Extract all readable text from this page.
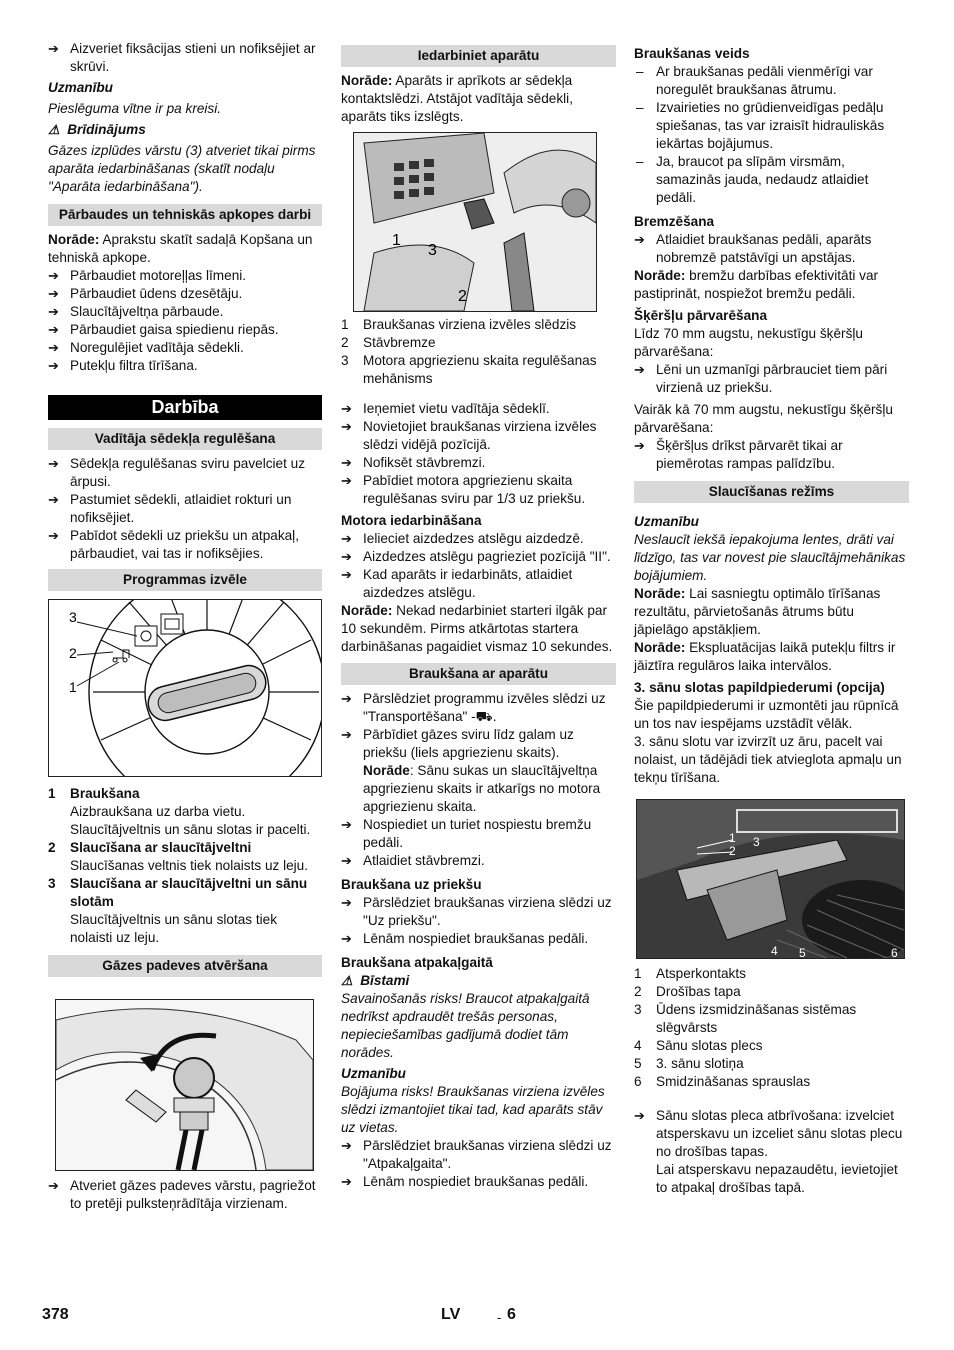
➔ Aizveriet fiksācijas stieni un nofiksējiet ar skrūvi.

Uzmanību

Pieslēguma vītne ir pa kreisi.

⚠ Brīdinājums

Gāzes izplūdes vārstu (3) atveriet tikai pirms aparāta iedarbināšanas (skatīt nodaļu "Aparāta iedarbināšana").

Pārbaudes un tehniskās apkopes darbi

Norāde: Aprakstu skatīt sadaļā Kopšana un tehniskā apkope.

➔ Pārbaudiet motoreļļas līmeni.

➔ Pārbaudiet ūdens dzesētāju.

➔ Slaucītājveltņa pārbaude.

➔ Pārbaudiet gaisa spiedienu riepās.

➔ Noregulējiet vadītāja sēdekli.

➔ Putekļu filtra tīrīšana.

Darbība
Vadītāja sēdekļa regulēšana

➔ Sēdekļa regulēšanas sviru pavelciet uz ārpusi.

➔ Pastumiet sēdekli, atlaidiet rokturi un nofiksējiet.

➔ Pabīdot sēdekli uz priekšu un atpakaļ, pārbaudiet, vai tas ir nofiksējies.

Programmas izvēle
3
2
1

1 Braukšana

Aizbraukšana uz darba vietu.

Slaucītājveltnis un sānu slotas ir pacelti.

2 Slaucīšana ar slaucītājveltni

Slaucīšanas veltnis tiek nolaists uz leju.

3 Slaucīšana ar slaucītājveltni un sānu slotām

Slaucītājveltnis un sānu slotas tiek nolaisti uz leju.

Gāzes padeves atvēršana

➔ Atveriet gāzes padeves vārstu, pagriežot to pretēji pulksteņrādītāja virzienam.

Iedarbiniet aparātu

Norāde: Aparāts ir aprīkots ar sēdekļa kontaktslēdzi. Atstājot vadītāja sēdekli, aparāts tiks izslēgts.

1
3
2

1 Braukšanas virziena izvēles slēdzis

2 Stāvbremze

3 Motora apgriezienu skaita regulēšanas mehānisms

➔ Ieņemiet vietu vadītāja sēdeklī.

➔ Novietojiet braukšanas virziena izvēles slēdzi vidējā pozīcijā.

➔ Nofiksēt stāvbremzi.

➔ Pabīdiet motora apgriezienu skaita regulēšanas sviru par 1/3 uz priekšu.

Motora iedarbināšana

➔ Ielieciet aizdedzes atslēgu aizdedzē.

➔ Aizdedzes atslēgu pagrieziet pozīcijā "II".

➔ Kad aparāts ir iedarbināts, atlaidiet aizdedzes atslēgu.

Norāde: Nekad nedarbiniet starteri ilgāk par 10 sekundēm. Pirms atkārtotas startera darbināšanas pagaidiet vismaz 10 sekundes.

Braukšana ar aparātu

➔ Pārslēdziet programmu izvēles slēdzi uz "Transportēšana" -⛟.

➔ Pārbīdiet gāzes sviru līdz galam uz priekšu (liels apgriezienu skaits).

Norāde: Sānu sukas un slaucītājveltņa apgriezienu skaits ir atkarīgs no motora apgriezienu skaita.

➔ Nospiediet un turiet nospiestu bremžu pedāli.

➔ Atlaidiet stāvbremzi.

Braukšana uz priekšu

➔ Pārslēdziet braukšanas virziena slēdzi uz "Uz priekšu".

➔ Lēnām nospiediet braukšanas pedāli.

Braukšana atpakaļgaitā

⚠ Bīstami

Savainošanās risks! Braucot atpakaļgaitā nedrīkst apdraudēt trešās personas, nepieciešamības gadījumā dodiet tām norādes.

Uzmanību

Bojājuma risks! Braukšanas virziena izvēles slēdzi izmantojiet tikai tad, kad aparāts stāv uz vietas.

➔ Pārslēdziet braukšanas virziena slēdzi uz "Atpakaļgaita".

➔ Lēnām nospiediet braukšanas pedāli.

Braukšanas veids

– Ar braukšanas pedāli vienmērīgi var noregulēt braukšanas ātrumu.

– Izvairieties no grūdienveidīgas pedāļu spiešanas, tas var izraisīt hidrauliskās iekārtas bojājumus.

– Ja, braucot pa slīpām virsmām, samazinās jauda, nedaudz atlaidiet pedāli.

Bremzēšana

➔ Atlaidiet braukšanas pedāli, aparāts nobremzē patstāvīgi un apstājas.

Norāde: bremžu darbības efektivitāti var pastiprināt, nospiežot bremžu pedāli.

Šķēršļu pārvarēšana

Līdz 70 mm augstu, nekustīgu šķēršļu pārvarēšana:

➔ Lēni un uzmanīgi pārbrauciet tiem pāri virzienā uz priekšu.

Vairāk kā 70 mm augstu, nekustīgu šķēršļu pārvarēšana:

➔ Šķēršļus drīkst pārvarēt tikai ar piemērotas rampas palīdzību.

Slaucīšanas režīms

Uzmanību

Neslaucīt iekšā iepakojuma lentes, drāti vai līdzīgo, tas var novest pie slaucītājmehānikas bojājumiem.

Norāde: Lai sasniegtu optimālo tīrīšanas rezultātu, pārvietošanās ātrums būtu jāpielāgo apstākļiem.

Norāde: Ekspluatācijas laikā putekļu filtrs ir jāiztīra regulāros laika intervālos.

3. sānu slotas papildpiederumi (opcija)

Šie papildpiederumi ir uzmontēti jau rūpnīcā un tos nav iespējams uzstādīt vēlāk.

3. sānu slotu var izvirzīt uz āru, pacelt vai nolaist, un tādējādi tiek atvieglota apmaļu un tekņu tīrīšana.

1
2
3
4 5	6

1 Atsperkontakts

2 Drošības tapa

3 Ūdens izsmidzināšanas sistēmas slēgvārsts

4 Sānu slotas plecs

5 3. sānu slotiņa

6 Smidzināšanas sprauslas

➔ Sānu slotas pleca atbrīvošana: izvelciet atsperskavu un izceliet sānu slotas plecu no drošības tapas.

Lai atsperskavu nepazaudētu, ievietojiet to atpakaļ drošības tapā.

378	LV	- 6
